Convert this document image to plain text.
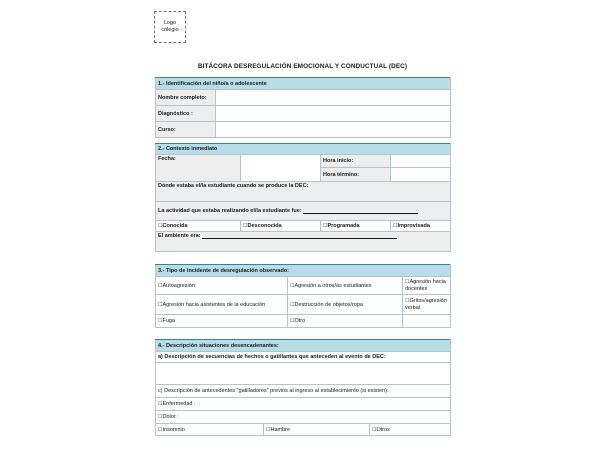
Logo
colegio
BITÁCORA DESREGULACIÓN EMOCIONAL Y CONDUCTUAL (DEC)
1.- Identificación del niño/a o adolescente	
Nombre completo:	
Diagnóstico :	
Curso:	
2.- Contexto inmediato			
Fecha:		Hora inicio:	
		Hora término:	
Dónde estaba el/la estudiante cuando se produce la DEC:			
La actividad que estaba realizando el/la estudiante fue:			
☐Conocida	☐Desconocida	☐Programada	☐Improvisada
El ambiente era:			
3.- Tipo de incidente de desregulación observado:		
☐Autoagresión	☐Agresión a otros/as estudiantes	☐Agresión hacia docentes
☐Agresión hacia asistentes de la educación	☐Destrucción de objetos/ropa	☐Gritos/agresión verbal
☐Fuga	☐Otro	
4.- Descripción situaciones desencadenantes:
a) Descripción de secuencias de hechos o gatillantes que anteceden al evento de DEC:

c) Descripción de antecedentes "gatilladores" previos al ingreso al establecimiento (si existen):
☐Enfermedad :
☐Dolor :
☐Insomnio	☐Hambre	☐Otros
